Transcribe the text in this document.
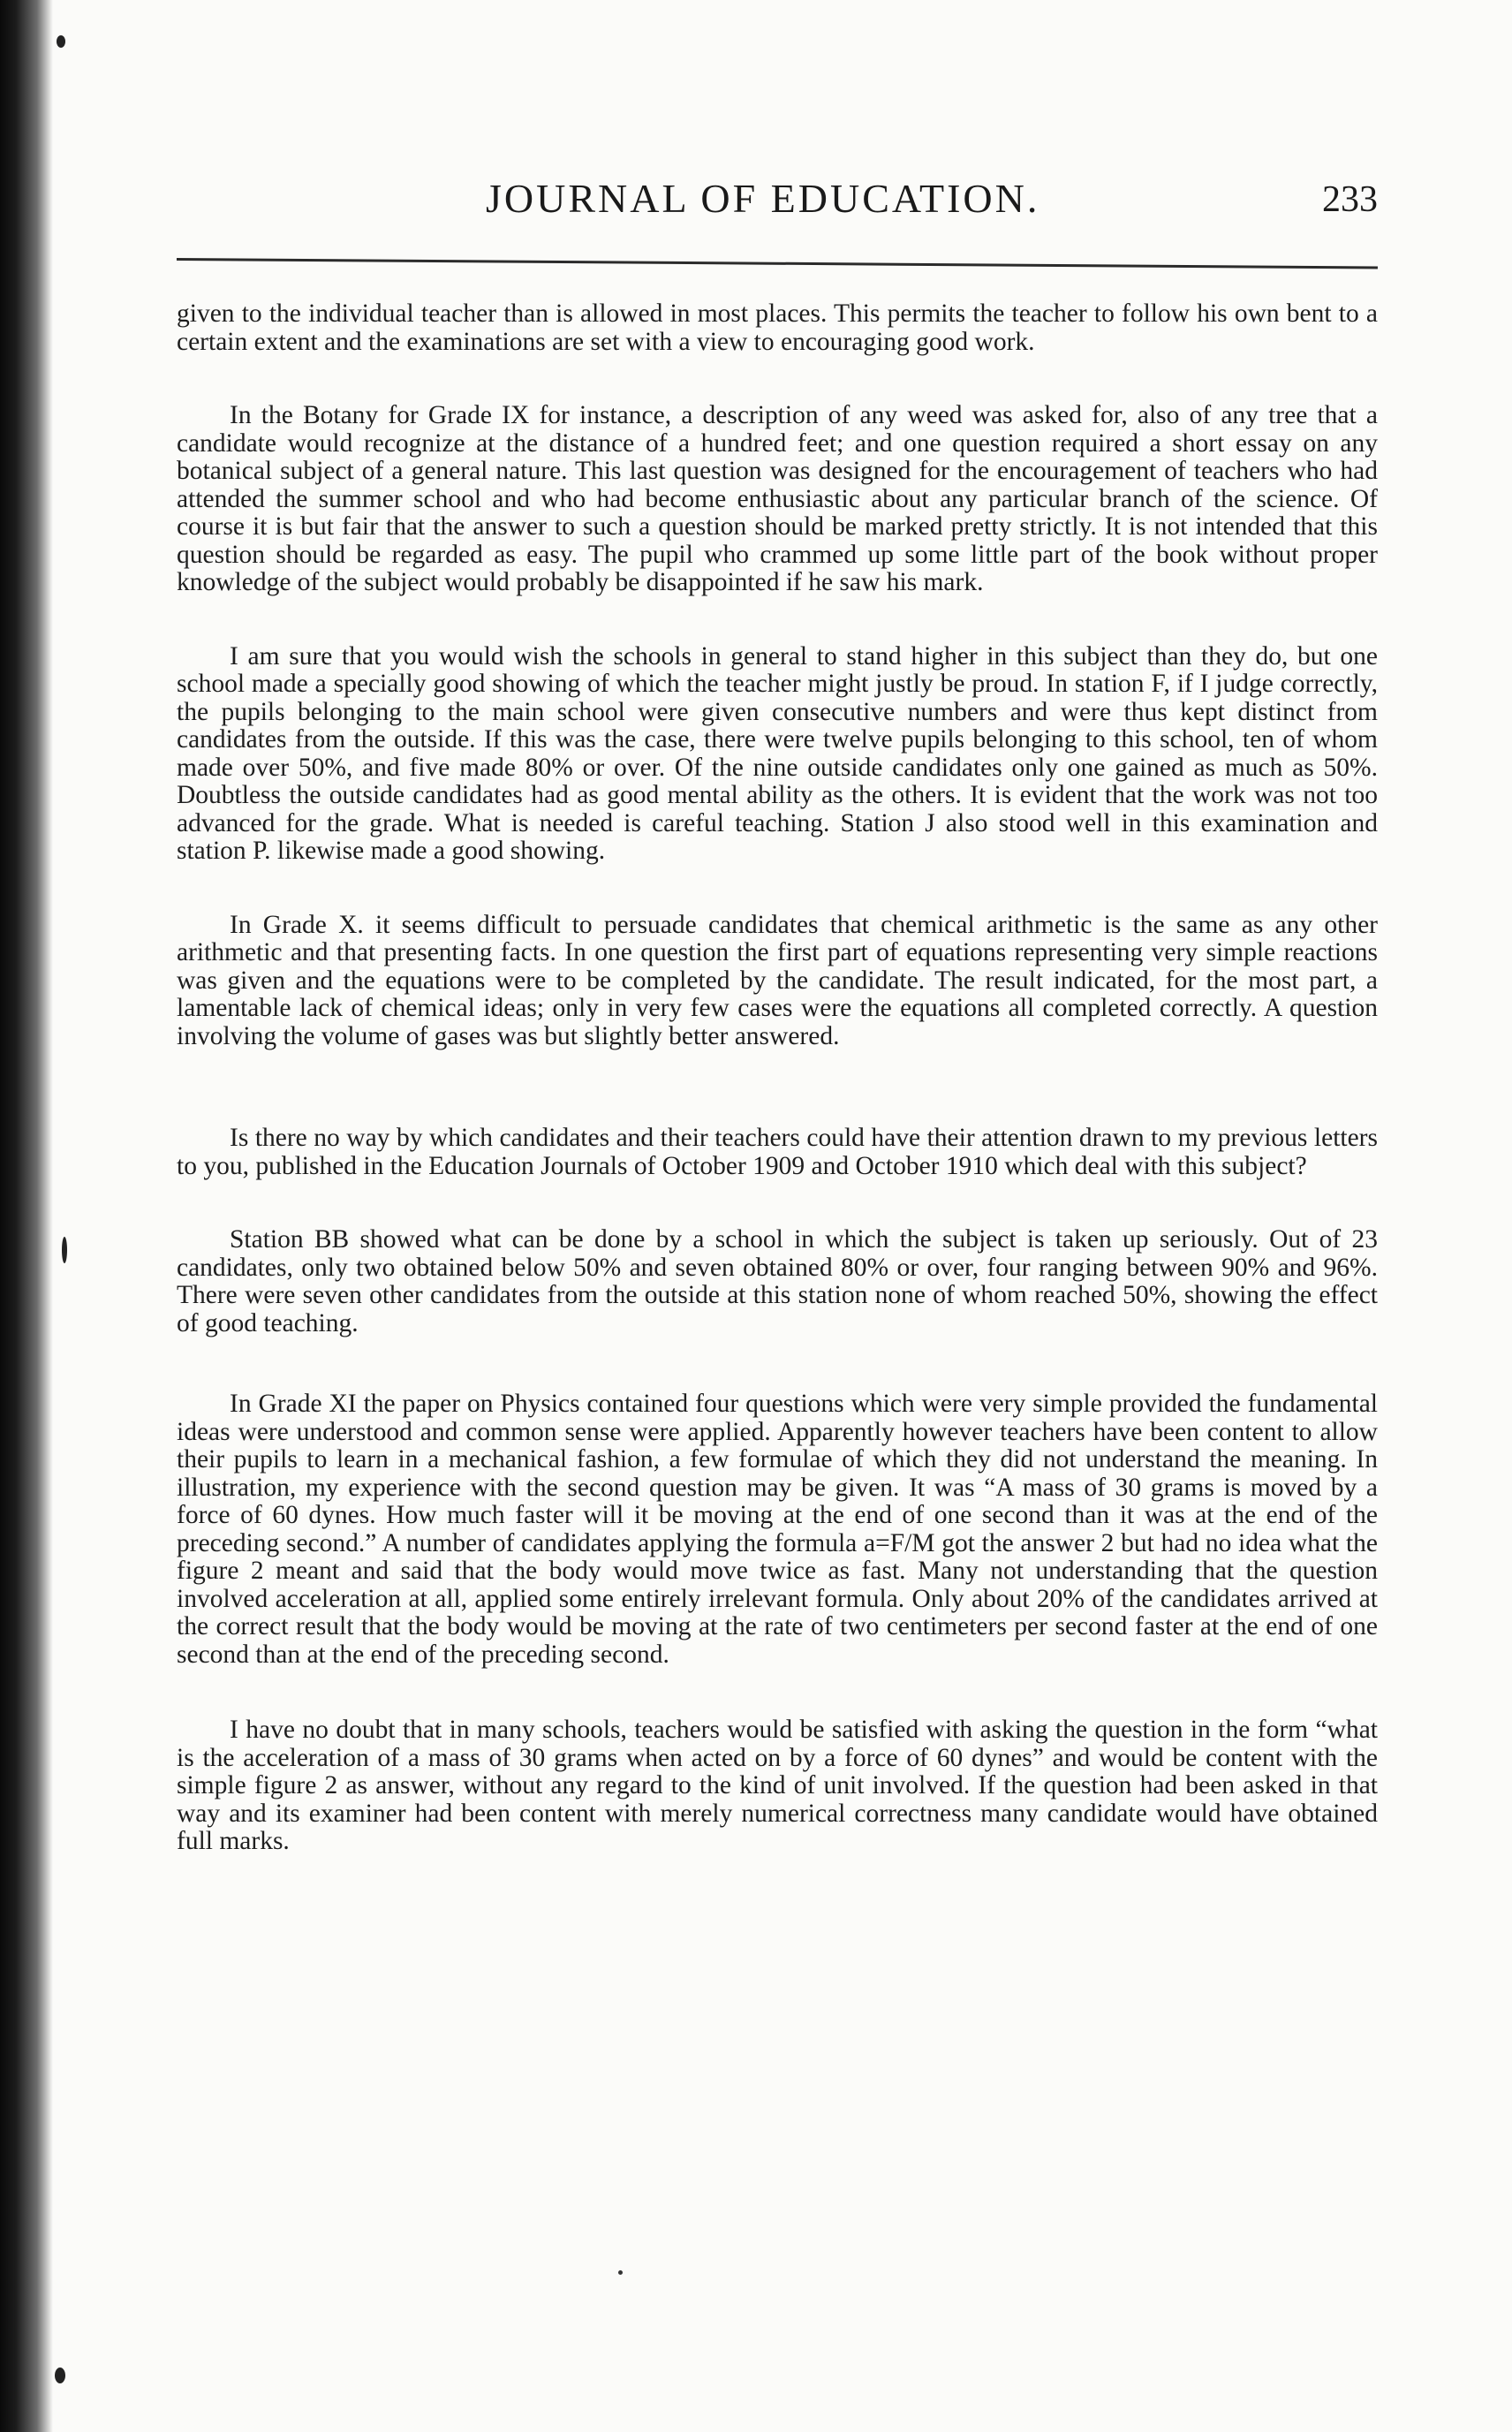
JOURNAL OF EDUCATION.	233

given to the individual teacher than is allowed in most places. This permits the teacher to follow his own bent to a certain extent and the examinations are set with a view to encouraging good work.

In the Botany for Grade IX for instance, a description of any weed was asked for, also of any tree that a candidate would recognize at the distance of a hundred feet; and one question required a short essay on any botanical subject of a general nature. This last question was designed for the encouragement of teachers who had attended the summer school and who had become enthusiastic about any particular branch of the science. Of course it is but fair that the answer to such a question should be marked pretty strictly. It is not intended that this question should be regarded as easy. The pupil who crammed up some little part of the book without proper knowledge of the subject would probably be disappointed if he saw his mark.

I am sure that you would wish the schools in general to stand higher in this subject than they do, but one school made a specially good showing of which the teacher might justly be proud. In station F, if I judge correctly, the pupils belonging to the main school were given consecutive numbers and were thus kept distinct from candidates from the outside. If this was the case, there were twelve pupils belonging to this school, ten of whom made over 50%, and five made 80% or over. Of the nine outside candidates only one gained as much as 50%. Doubtless the outside candidates had as good mental ability as the others. It is evident that the work was not too advanced for the grade. What is needed is careful teaching. Station J also stood well in this examination and station P. likewise made a good showing.

In Grade X. it seems difficult to persuade candidates that chemical arithmetic is the same as any other arithmetic and that presenting facts. In one question the first part of equations representing very simple reactions was given and the equations were to be completed by the candidate. The result indicated, for the most part, a lamentable lack of chemical ideas; only in very few cases were the equations all completed correctly. A question involving the volume of gases was but slightly better answered.

Is there no way by which candidates and their teachers could have their attention drawn to my previous letters to you, published in the Education Journals of October 1909 and October 1910 which deal with this subject?

Station BB showed what can be done by a school in which the subject is taken up seriously. Out of 23 candidates, only two obtained below 50% and seven obtained 80% or over, four ranging between 90% and 96%. There were seven other candidates from the outside at this station none of whom reached 50%, showing the effect of good teaching.

In Grade XI the paper on Physics contained four questions which were very simple provided the fundamental ideas were understood and common sense were applied. Apparently however teachers have been content to allow their pupils to learn in a mechanical fashion, a few formulae of which they did not understand the meaning. In illustration, my experience with the second question may be given. It was “A mass of 30 grams is moved by a force of 60 dynes. How much faster will it be moving at the end of one second than it was at the end of the preceding second.” A number of candidates applying the formula a=F/M got the answer 2 but had no idea what the figure 2 meant and said that the body would move twice as fast. Many not understanding that the question involved acceleration at all, applied some entirely irrelevant formula. Only about 20% of the candidates arrived at the correct result that the body would be moving at the rate of two centimeters per second faster at the end of one second than at the end of the preceding second.

I have no doubt that in many schools, teachers would be satisfied with asking the question in the form “what is the acceleration of a mass of 30 grams when acted on by a force of 60 dynes” and would be content with the simple figure 2 as answer, without any regard to the kind of unit involved. If the question had been asked in that way and its examiner had been content with merely numerical correctness many candidate would have obtained full marks.
